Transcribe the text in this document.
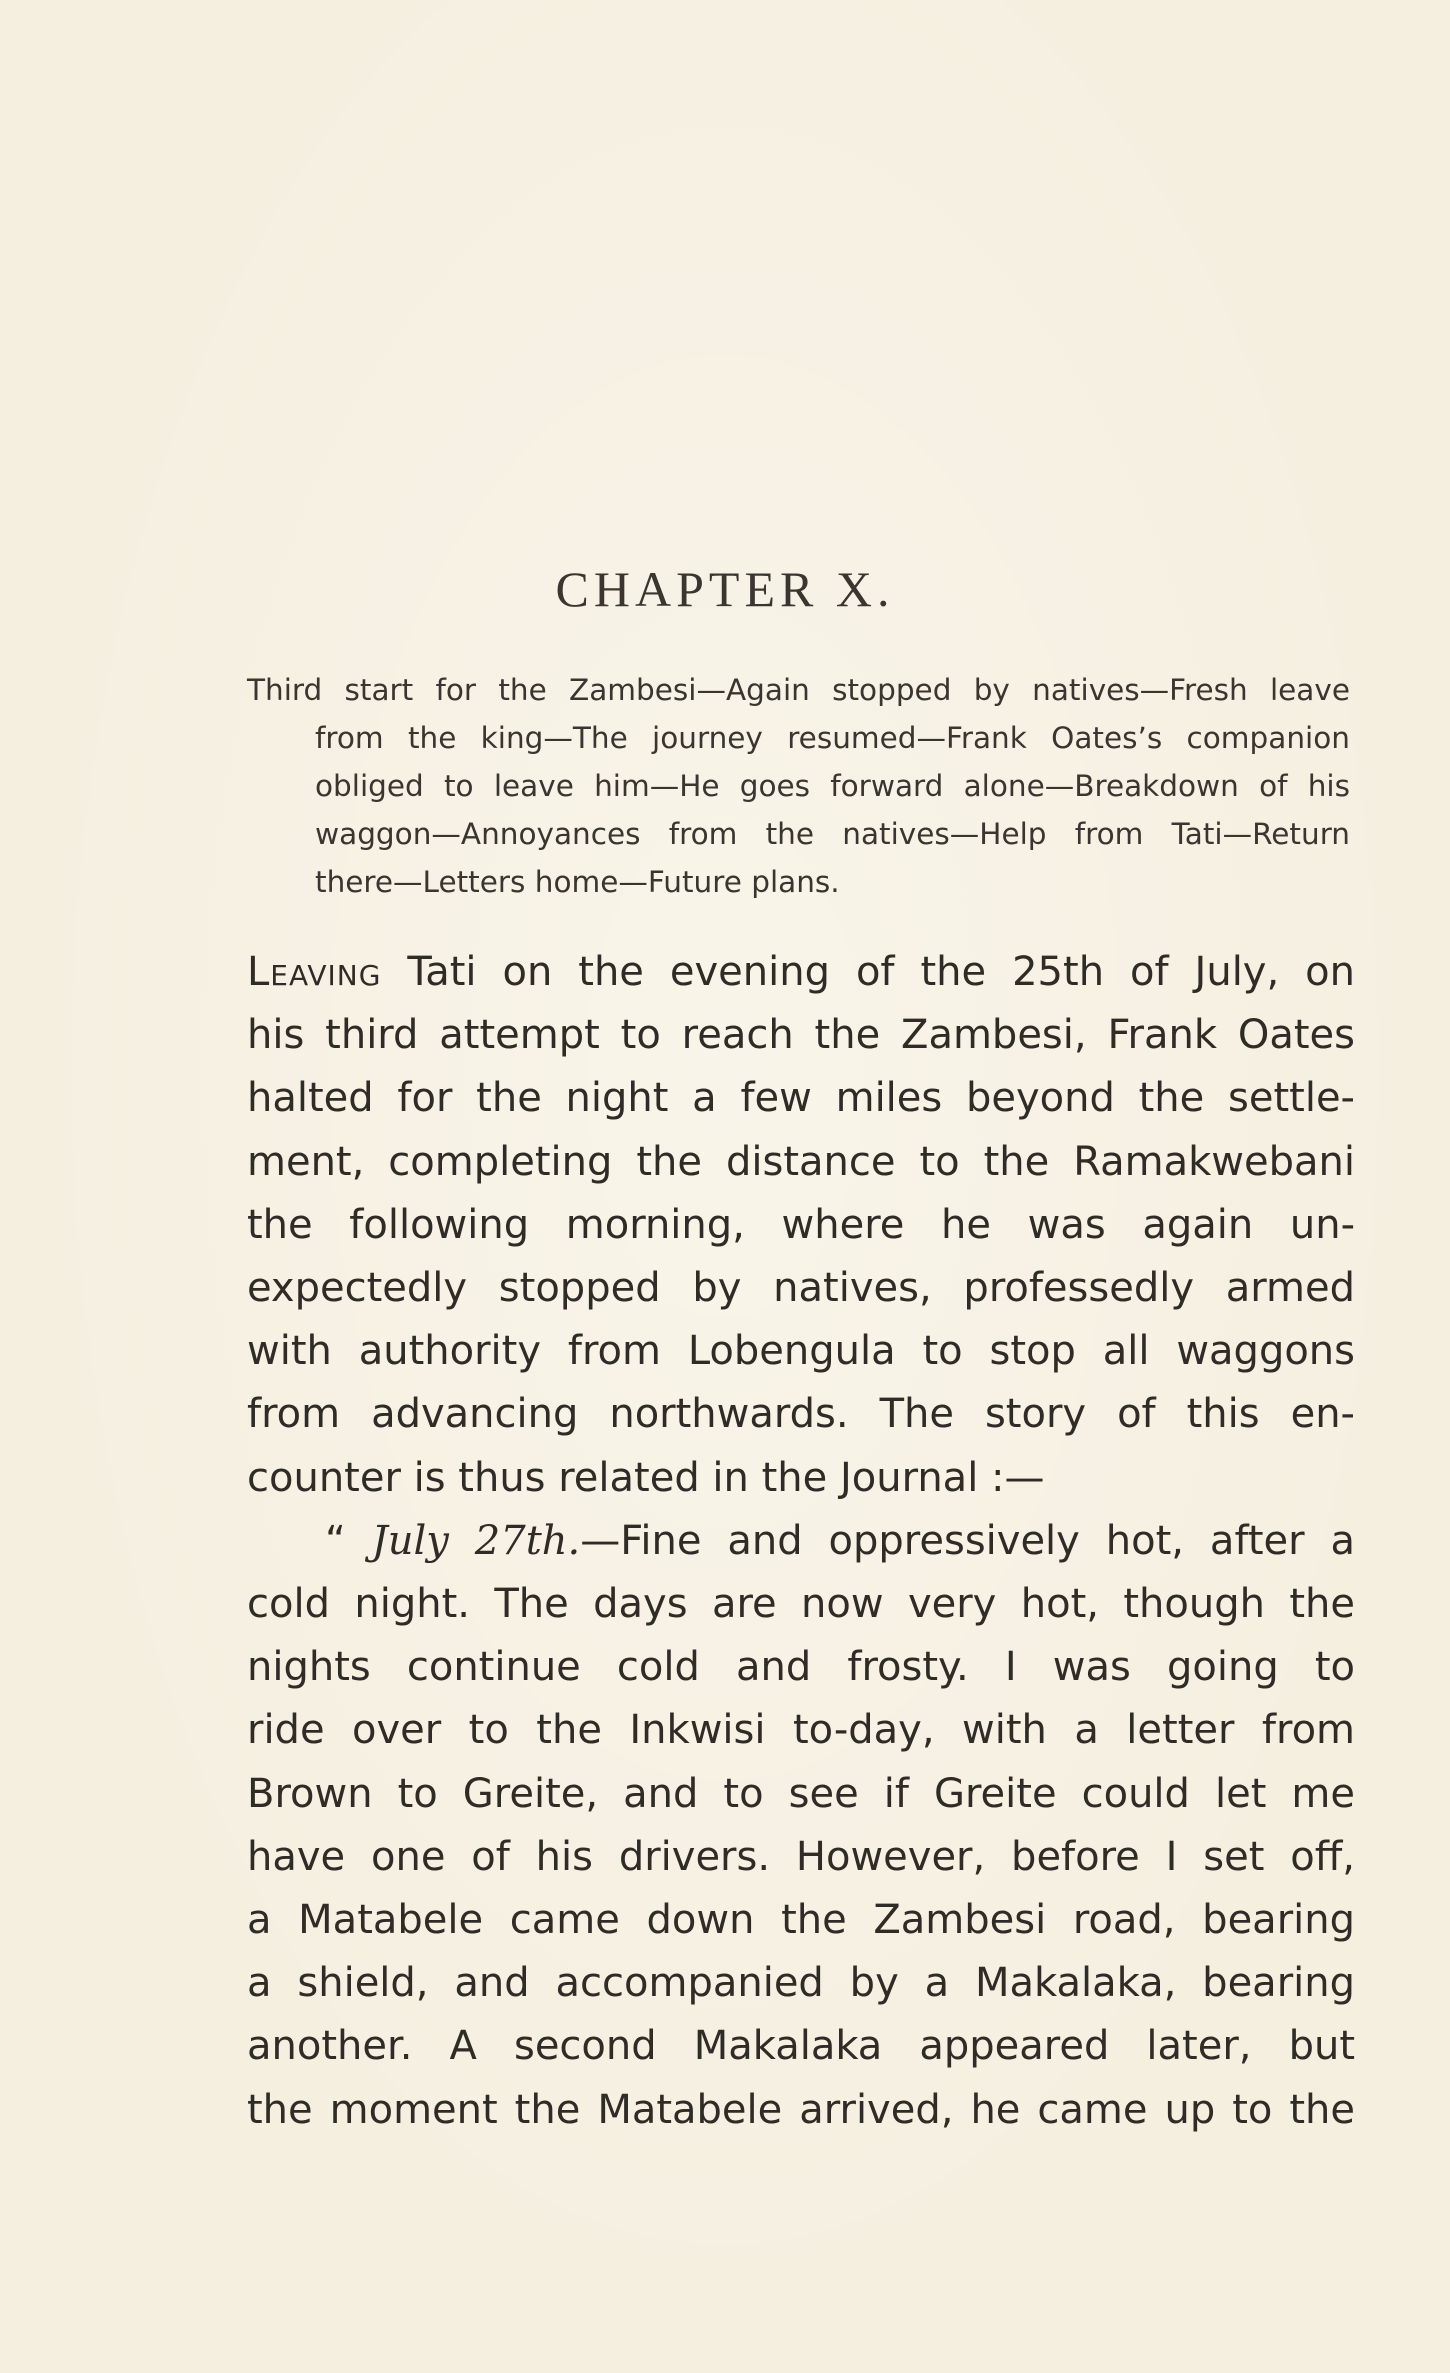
CHAPTER X.
Third start for the Zambesi—Again stopped by natives—Fresh leave
from the king—The journey resumed—Frank Oates’s companion
obliged to leave him—He goes forward alone—Breakdown of his
waggon—Annoyances from the natives—Help from Tati—Return
there—Letters home—Future plans.
Leaving Tati on the evening of the 25th of July, on
his third attempt to reach the Zambesi, Frank Oates
halted for the night a few miles beyond the settle-
ment, completing the distance to the Ramakwebani
the following morning, where he was again un-
expectedly stopped by natives, professedly armed
with authority from Lobengula to stop all waggons
from advancing northwards. The story of this en-
counter is thus related in the Journal :—
“ July 27th.—Fine and oppressively hot, after a
cold night. The days are now very hot, though the
nights continue cold and frosty. I was going to
ride over to the Inkwisi to-day, with a letter from
Brown to Greite, and to see if Greite could let me
have one of his drivers. However, before I set off,
a Matabele came down the Zambesi road, bearing
a shield, and accompanied by a Makalaka, bearing
another. A second Makalaka appeared later, but
the moment the Matabele arrived, he came up to the
